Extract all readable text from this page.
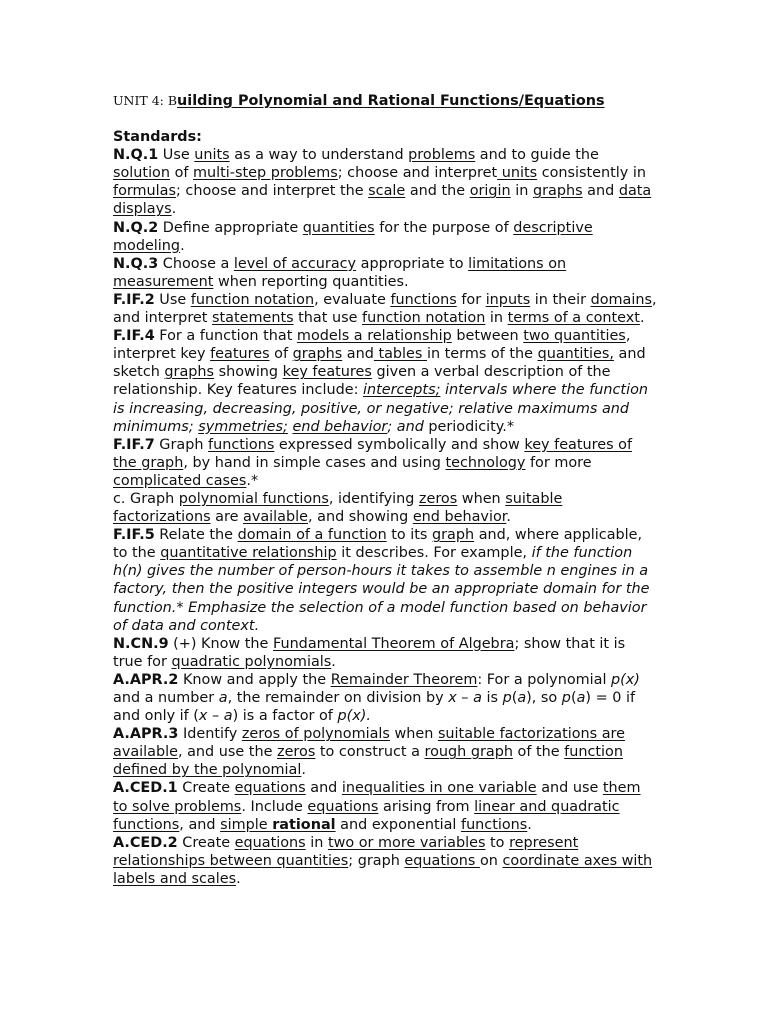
UNIT 4: Building Polynomial and Rational Functions/Equations

Standards:

N.Q.1 Use units as a way to understand problems and to guide the solution of multi-step problems; choose and interpret units consistently in formulas; choose and interpret the scale and the origin in graphs and data displays.

N.Q.2 Define appropriate quantities for the purpose of descriptive modeling.

N.Q.3 Choose a level of accuracy appropriate to limitations on measurement when reporting quantities.

F.IF.2 Use function notation, evaluate functions for inputs in their domains, and interpret statements that use function notation in terms of a context.

F.IF.4 For a function that models a relationship between two quantities, interpret key features of graphs and tables in terms of the quantities, and sketch graphs showing key features given a verbal description of the relationship. Key features include: intercepts; intervals where the function is increasing, decreasing, positive, or negative; relative maximums and minimums; symmetries; end behavior; and periodicity.*

F.IF.7 Graph functions expressed symbolically and show key features of the graph, by hand in simple cases and using technology for more complicated cases.*

c. Graph polynomial functions, identifying zeros when suitable factorizations are available, and showing end behavior.

F.IF.5 Relate the domain of a function to its graph and, where applicable, to the quantitative relationship it describes. For example, if the function h(n) gives the number of person-hours it takes to assemble n engines in a factory, then the positive integers would be an appropriate domain for the function.* Emphasize the selection of a model function based on behavior of data and context.

N.CN.9 (+) Know the Fundamental Theorem of Algebra; show that it is true for quadratic polynomials.

A.APR.2 Know and apply the Remainder Theorem: For a polynomial p(x) and a number a, the remainder on division by x – a is p(a), so p(a) = 0 if and only if (x – a) is a factor of p(x).

A.APR.3 Identify zeros of polynomials when suitable factorizations are available, and use the zeros to construct a rough graph of the function defined by the polynomial.

A.CED.1 Create equations and inequalities in one variable and use them to solve problems. Include equations arising from linear and quadratic functions, and simple rational and exponential functions.

A.CED.2 Create equations in two or more variables to represent relationships between quantities; graph equations on coordinate axes with labels and scales.
